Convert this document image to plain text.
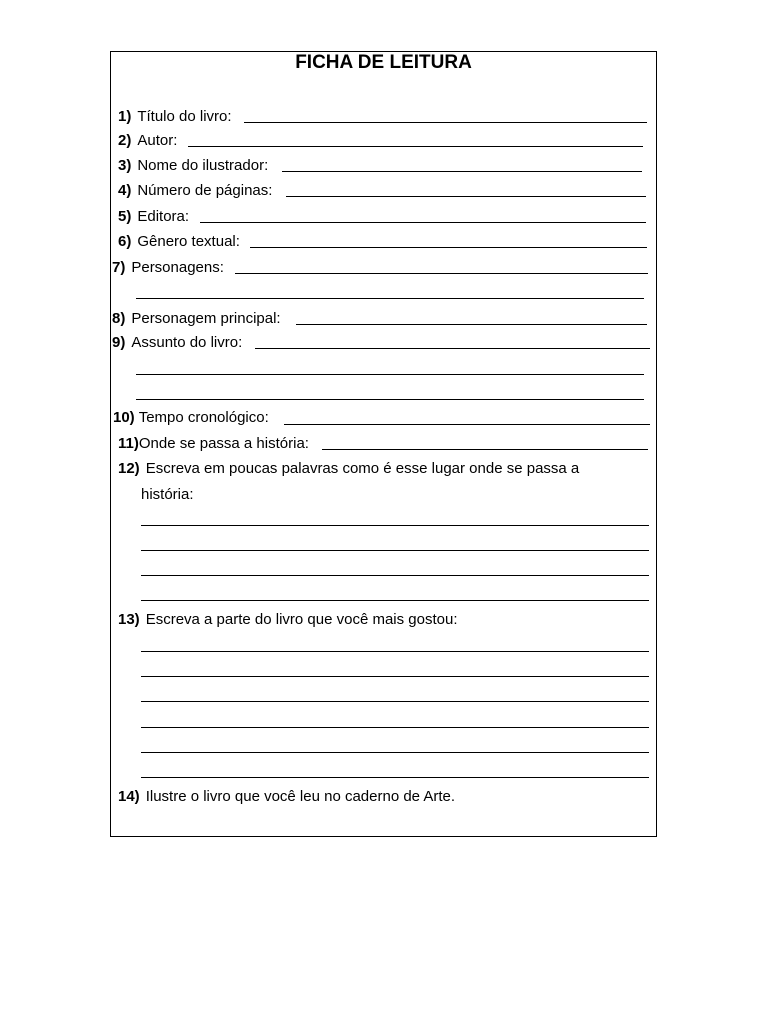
FICHA DE LEITURA
1) Título do livro:
2) Autor:
3) Nome do ilustrador:
4) Número de páginas:
5) Editora:
6) Gênero textual:
7) Personagens:
8) Personagem principal:
9) Assunto do livro:
10) Tempo cronológico:
11)Onde se passa a história:
12) Escreva em poucas palavras como é esse lugar onde se passa a
história:
13) Escreva a parte do livro que você mais gostou:
14) Ilustre o livro que você leu no caderno de Arte.
